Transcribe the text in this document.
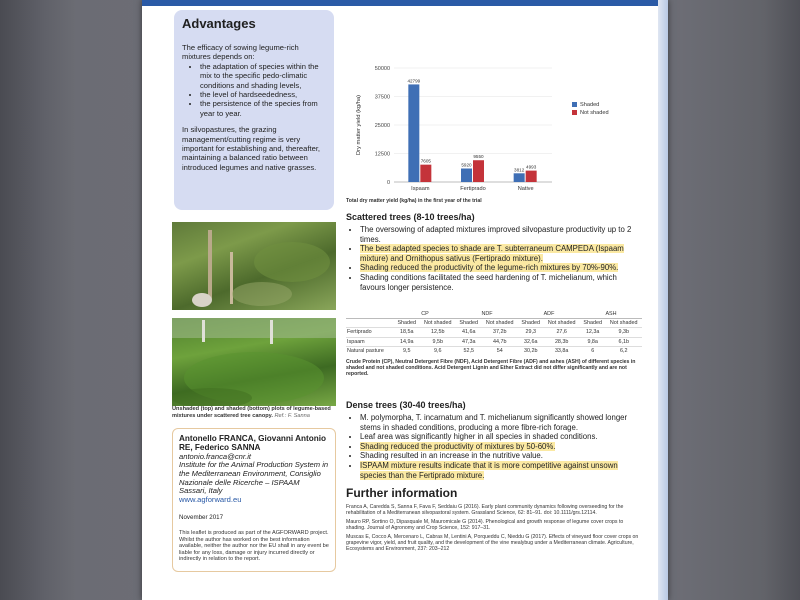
Advantages

The efficacy of sowing legume-rich mixtures depends on:

• the adaptation of species within the mix to the specific pedo-climatic conditions and shading levels,
• the level of hardseededness,
• the persistence of the species from year to year.

In silvopastures, the grazing management/cutting regime is very important for establishing and, thereafter, maintaining a balanced ratio between introduced legumes and native grasses.

Unshaded (top) and shaded (bottom) plots of legume-based mixtures under scattered tree canopy. Ref.: F. Sanna
Antonello FRANCA, Giovanni Antonio RE, Federico SANNA
antonio.franca@cnr.it
Institute for the Animal Production System in the Mediterranean Environment, Consiglio Nazionale delle Ricerche – ISPAAM Sassari, Italy
www.agforward.eu
November 2017
This leaflet is produced as part of the AGFORWARD project. Whilst the author has worked on the best information available, neither the author nor the EU shall in any event be liable for any loss, damage or injury incurred directly or indirectly in relation to the report.
0
12500
25000
37500
50000
Dry matter yield (kg/ha)
42799
7605
Ispaam
5920
9550
Fertiprado
3812
4993
Native
Shaded
Not shaded
Total dry matter yield (kg/ha) in the first year of the trial
Scattered trees (8-10 trees/ha)
• The oversowing of adapted mixtures improved silvopasture productivity up to 2 times.
• The best adapted species to shade are T. subterraneum CAMPEDA (Ispaam mixture) and Ornithopus sativus (Fertiprado mixture).
• Shading reduced the productivity of the legume-rich mixtures by 70%-90%.
• Shading conditions facilitated the seed hardening of T. michelianum, which favours longer persistence.
	CP		NDF		ADF		ASH	
	Shaded	Not shaded	Shaded	Not shaded	Shaded	Not shaded	Shaded	Not shaded
Fertiprado	18,5a	12,5b	41,6a	37,2b	29,3	27,6	12,3a	9,3b
Ispaam	14,9a	9,5b	47,3a	44,7b	32,6a	28,3b	9,8a	6,1b
Natural pasture	9,5	9,6	52,5	54	30,2b	33,8a	6	6,2
Crude Protein (CP), Neutral Detergent Fibre (NDF), Acid Detergent Fibre (ADF) and ashes (ASH) of different species in shaded and not shaded conditions. Acid Detergent Lignin and Ether Extract did not differ significantly and are not reported.
Dense trees (30-40 trees/ha)
• M. polymorpha, T. incarnatum and T. michelianum significantly showed longer stems in shaded conditions, producing a more fibre-rich forage.
• Leaf area was significantly higher in all species in shaded conditions.
• Shading reduced the productivity of mixtures by 50-60%.
• Shading resulted in an increase in the nutritive value.
• ISPAAM mixture results indicate that it is more competitive against unsown species than the Fertiprado mixture.
Further information

Franca A, Caredda S, Sanna F, Fava F, Seddaiu G (2016). Early plant community dynamics following overseeding for the rehabilitation of a Mediterranean silvopastoral system. Grassland Science, 62: 81–91. doi: 10.1111/grs.12114.

Mauro RP, Sortino O, Dipasquale M, Mauromicale G (2014). Phenological and growth response of legume cover crops to shading. Journal of Agronomy and Crop Science, 152: 917–31.

Muscas E, Cocco A, Mercenaro L, Cabras M, Lentini A, Porqueddu C, Nieddu G (2017). Effects of vineyard floor cover crops on grapevine vigor, yield, and fruit quality, and the development of the vine mealybug under a Mediterranean climate. Agriculture, Ecosystems and Environment, 237: 203–212
